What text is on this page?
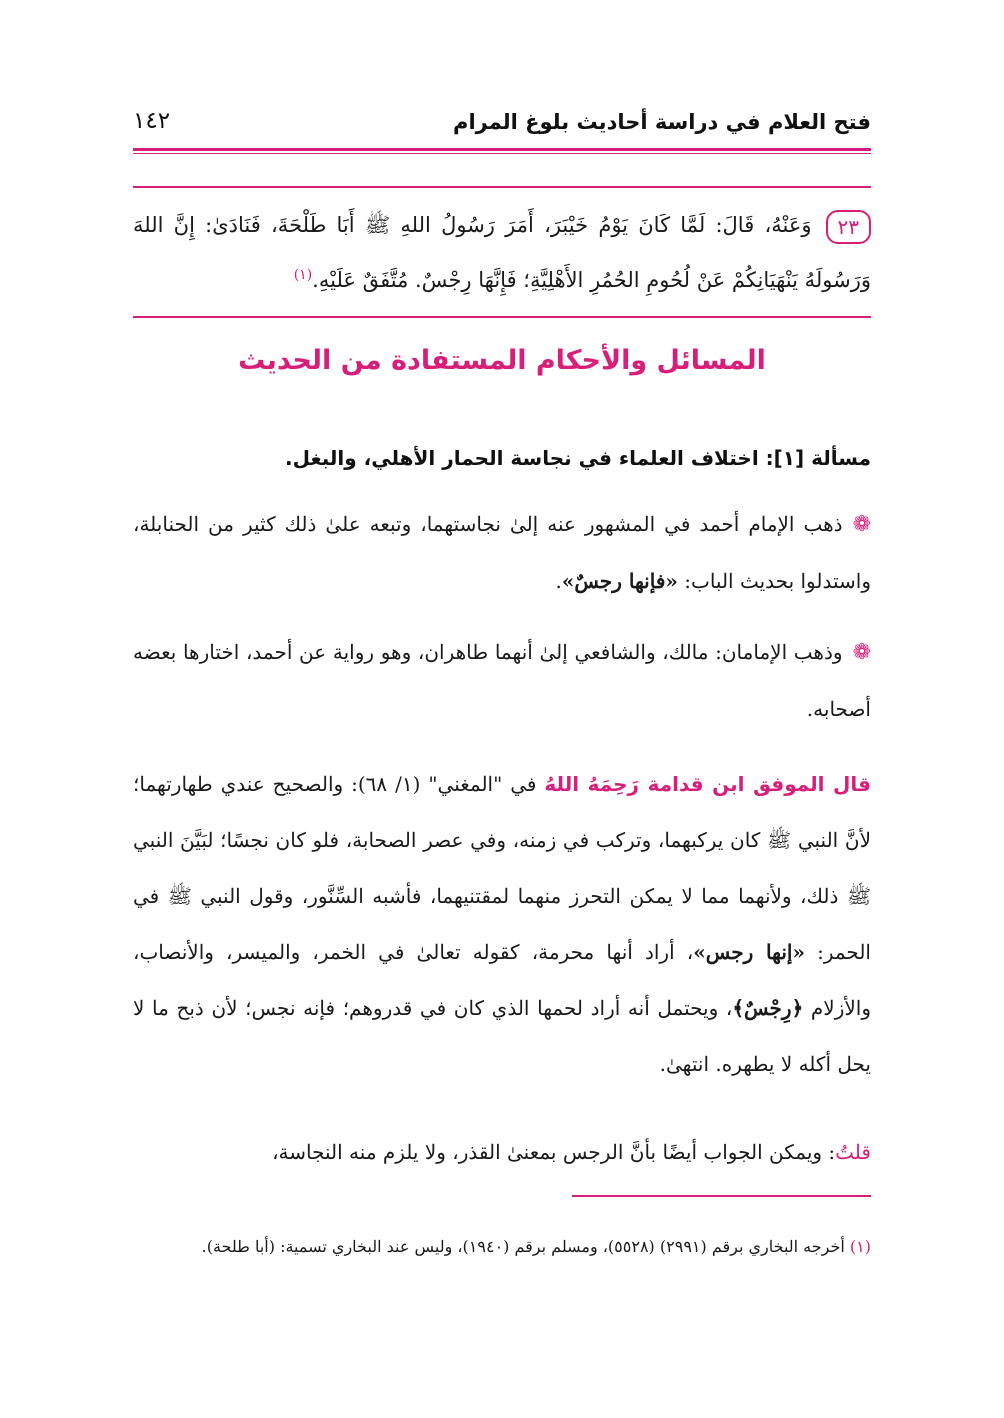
فتح العلام في دراسة أحاديث بلوغ المرام
١٤٢
٢٣وَعَنْهُ، قَالَ: لَمَّا كَانَ يَوْمُ خَيْبَرَ، أَمَرَ رَسُولُ اللهِ ﷺ أَبَا طَلْحَةَ، فَنَادَىٰ: إِنَّ اللهَ وَرَسُولَهُ يَنْهَيَانِكُمْ عَنْ لُحُومِ الحُمُرِ الأَهْلِيَّةِ؛ فَإِنَّهَا رِجْسٌ. مُتَّفَقٌ عَلَيْهِ.$^{(١)}$
المسائل والأحكام المستفادة من الحديث
مسألة [١]: اختلاف العلماء في نجاسة الحمار الأهلي، والبغل.
❁ذهب الإمام أحمد في المشهور عنه إلىٰ نجاستهما، وتبعه علىٰ ذلك كثير من الحنابلة، واستدلوا بحديث الباب: «فإنها رجسٌ».
❁وذهب الإمامان: مالك، والشافعي إلىٰ أنهما طاهران، وهو رواية عن أحمد، اختارها بعضه أصحابه.
قال الموفق ابن قدامة رَحِمَهُ اللهُ في "المغني" (١/ ٦٨): والصحيح عندي طهارتهما؛ لأنَّ النبي ﷺ كان يركبهما، وتركب في زمنه، وفي عصر الصحابة، فلو كان نجسًا؛ لبَيَّنَ النبي ﷺ ذلك، ولأنهما مما لا يمكن التحرز منهما لمقتنيهما، فأشبه السِّنَّور، وقول النبي ﷺ في الحمر: «إنها رجس»، أراد أنها محرمة، كقوله تعالىٰ في الخمر، والميسر، والأنصاب، والأزلام ﴿رِجْسٌ﴾، ويحتمل أنه أراد لحمها الذي كان في قدروهم؛ فإنه نجس؛ لأن ذبح ما لا يحل أكله لا يطهره. انتهىٰ.
قلتُ: ويمكن الجواب أيضًا بأنَّ الرجس بمعنىٰ القذر، ولا يلزم منه النجاسة،
(١) أخرجه البخاري برقم (٢٩٩١) (٥٥٢٨)، ومسلم برقم (١٩٤٠)، وليس عند البخاري تسمية: (أبا طلحة).
